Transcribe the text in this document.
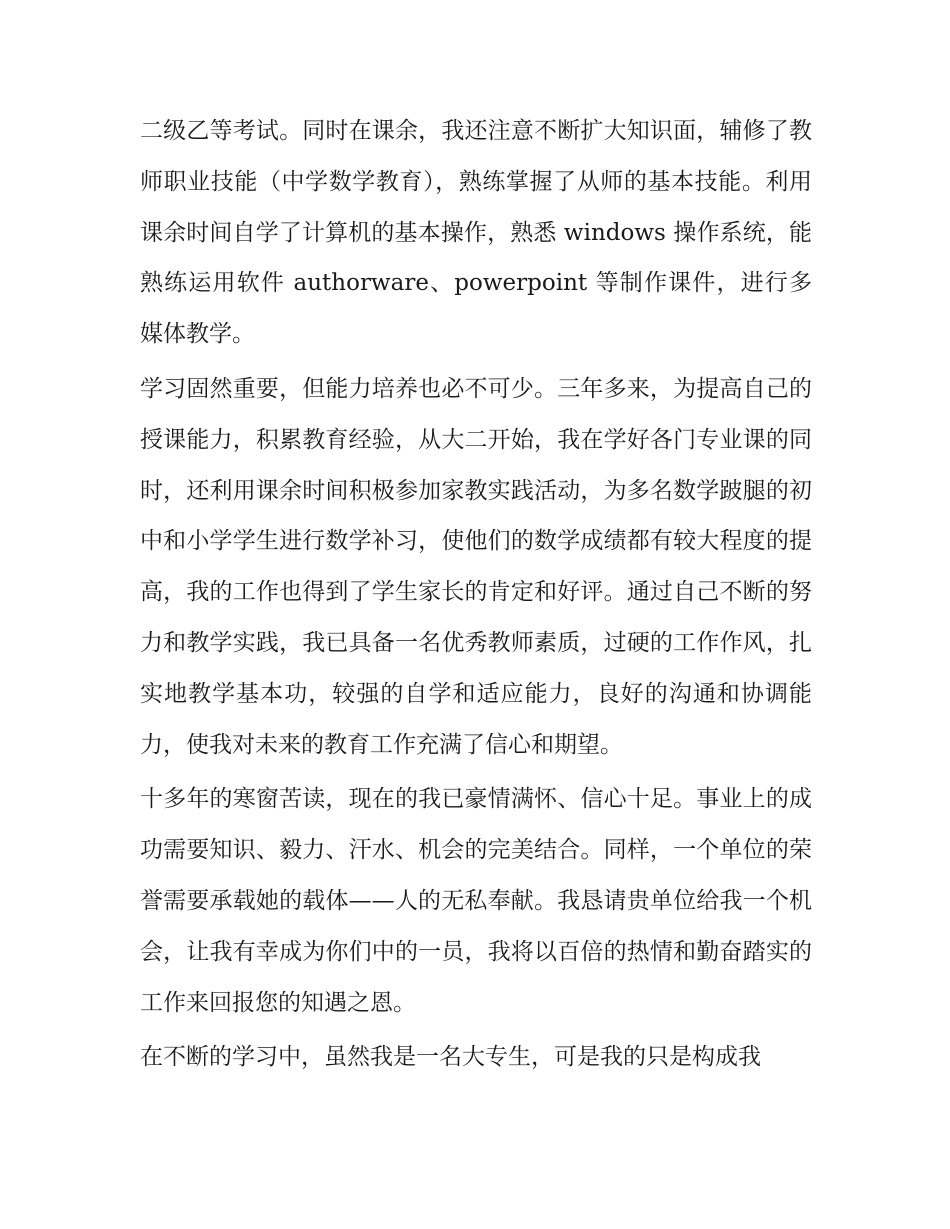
二级乙等考试。同时在课余，我还注意不断扩大知识面，辅修了教师职业技能（中学数学教育），熟练掌握了从师的基本技能。利用课余时间自学了计算机的基本操作，熟悉 windows 操作系统，能熟练运用软件 authorware、powerpoint 等制作课件，进行多媒体教学。

学习固然重要，但能力培养也必不可少。三年多来，为提高自己的授课能力，积累教育经验，从大二开始，我在学好各门专业课的同时，还利用课余时间积极参加家教实践活动，为多名数学跛腿的初中和小学学生进行数学补习，使他们的数学成绩都有较大程度的提高，我的工作也得到了学生家长的肯定和好评。通过自己不断的努力和教学实践，我已具备一名优秀教师素质，过硬的工作作风，扎实地教学基本功，较强的自学和适应能力，良好的沟通和协调能力，使我对未来的教育工作充满了信心和期望。

十多年的寒窗苦读，现在的我已豪情满怀、信心十足。事业上的成功需要知识、毅力、汗水、机会的完美结合。同样，一个单位的荣誉需要承载她的载体——人的无私奉献。我恳请贵单位给我一个机会，让我有幸成为你们中的一员，我将以百倍的热情和勤奋踏实的工作来回报您的知遇之恩。

在不断的学习中，虽然我是一名大专生，可是我的只是构成我
